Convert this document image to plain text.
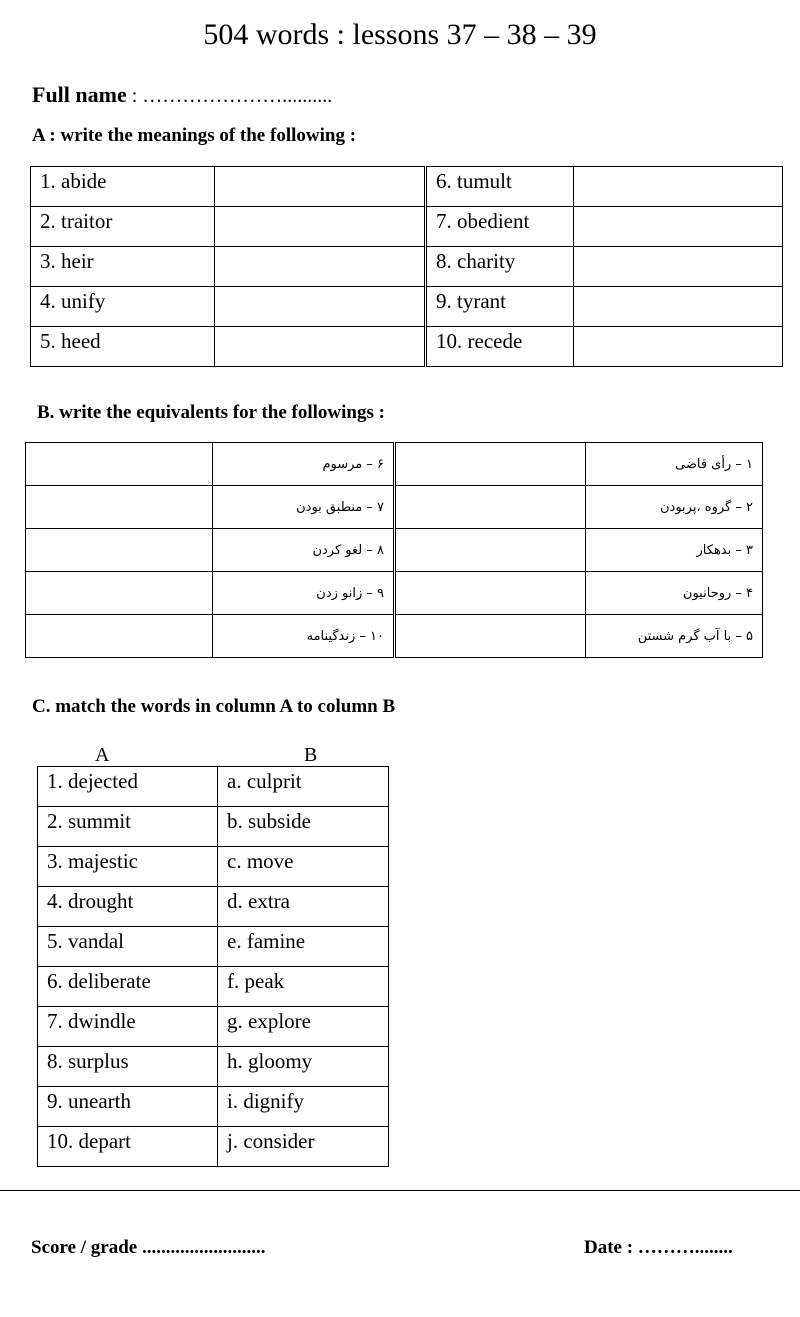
504 words : lessons 37 – 38 – 39
Full name : …………………..........
A : write the meanings of the following :
1. abide		6. tumult	
2. traitor		7. obedient	
3. heir		8. charity	
4. unify		9. tyrant	
5. heed		10. recede	
B. write the equivalents for the followings :
	۶ – مرسوم		۱ – رأی قاضی
	۷ – منطبق بودن		۲ – گروه ،پربودن
	۸ – لغو کردن		۳ – بدهکار
	۹ – زانو زدن		۴ – روحانیون
	۱۰ – زندگینامه		۵ – با آب گرم شستن
C. match the words in column A to column B
A	B
1. dejected	a. culprit
2. summit	b. subside
3. majestic	c. move
4. drought	d. extra
5. vandal	e. famine
6. deliberate	f. peak
7. dwindle	g. explore
8. surplus	h. gloomy
9. unearth	i. dignify
10. depart	j. consider
Score / grade ..........................	Date : ………........
